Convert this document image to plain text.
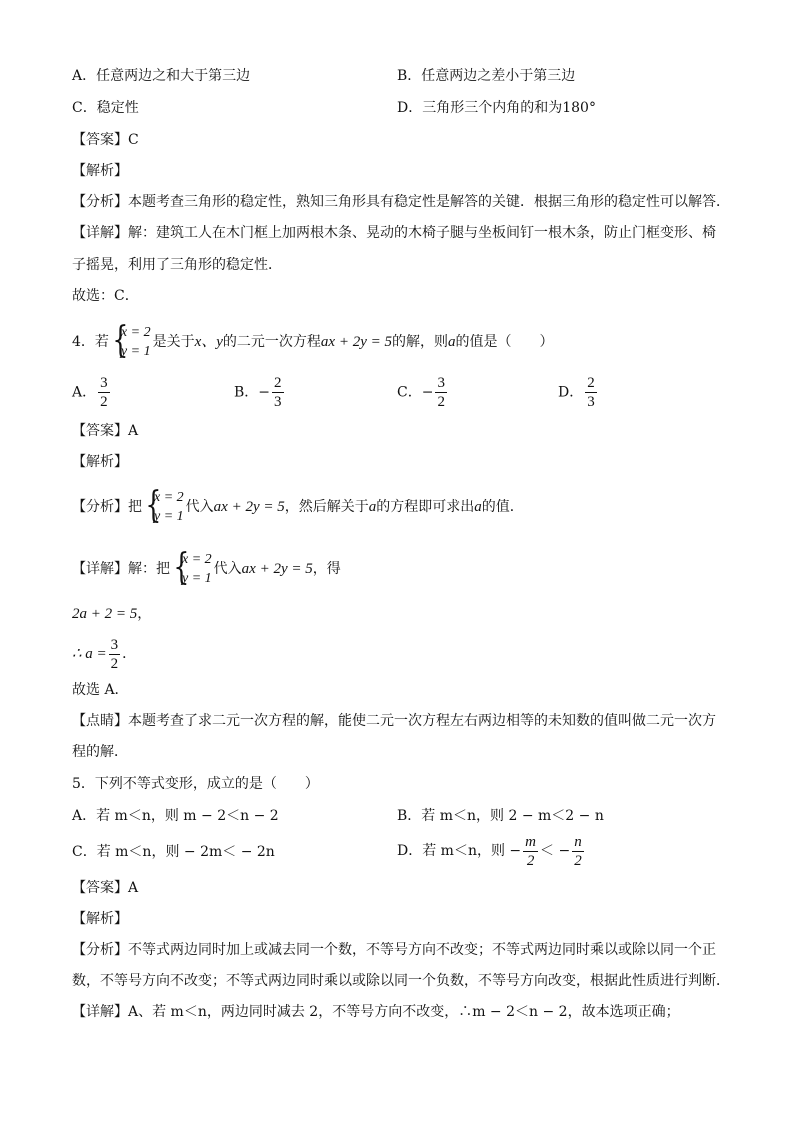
A．任意两边之和大于第三边	B．任意两边之差小于第三边
C．稳定性	D．三角形三个内角的和为180°
【答案】C
【解析】
【分析】本题考查三角形的稳定性，熟知三角形具有稳定性是解答的关键．根据三角形的稳定性可以解答．
【详解】解：建筑工人在木门框上加两根木条、晃动的木椅子腿与坐板间钉一根木条，防止门框变形、椅
子摇晃，利用了三角形的稳定性．
故选：C．
4．若 {
x = 2
y = 1
是关于x、y的二元一次方程ax + 2y = 5的解，则a的值是（　　）
A． $\frac{3}{2}$	B．− $\frac{2}{3}$	C．− $\frac{3}{2}$	D． $\frac{2}{3}$
【答案】A
【解析】
【分析】把 {
x = 2
y = 1
代入ax + 2y = 5，然后解关于a的方程即可求出a的值．
【详解】解：把 {
x = 2
y = 1
代入ax + 2y = 5，得
2a + 2 = 5，
∴ $a = \frac{3}{2}$ ．
故选 A．
【点睛】本题考查了求二元一次方程的解，能使二元一次方程左右两边相等的未知数的值叫做二元一次方
程的解．
5．下列不等式变形，成立的是（　　）
A．若 m＜n，则 m − 2＜n − 2	B．若 m＜n，则 2 − m＜2 − n
C．若 m＜n，则 − 2m＜ − 2n	D．若 m＜n，则 − $\frac{m}{2}$ ＜ − $\frac{n}{2}$
【答案】A
【解析】
【分析】不等式两边同时加上或减去同一个数，不等号方向不改变；不等式两边同时乘以或除以同一个正
数，不等号方向不改变；不等式两边同时乘以或除以同一个负数，不等号方向改变，根据此性质进行判断．
【详解】A、若 m＜n，两边同时减去 2，不等号方向不改变，∴m − 2＜n − 2，故本选项正确；
